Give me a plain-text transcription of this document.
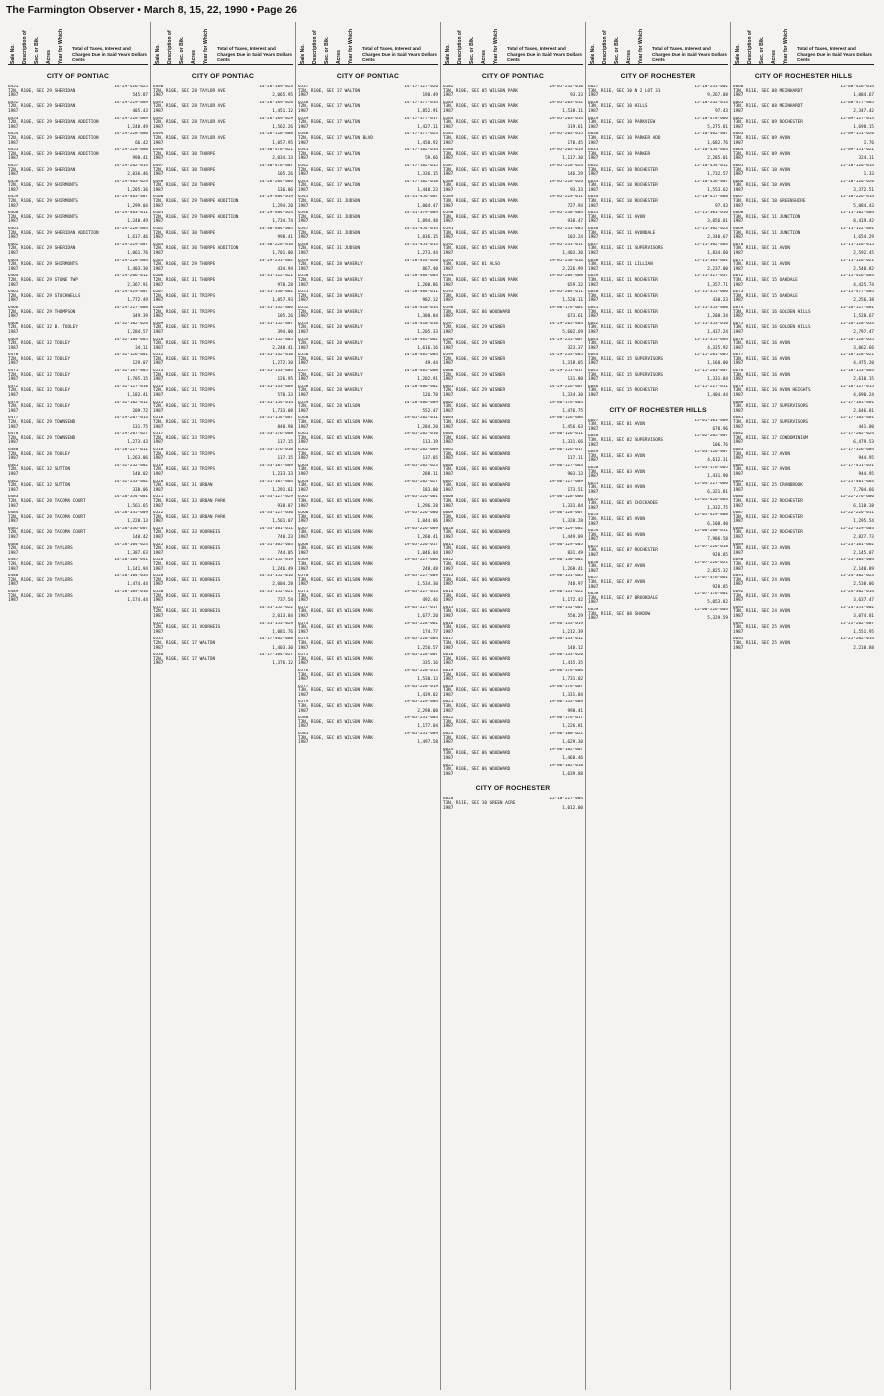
The Farmington Observer • March 8, 15, 22, 1990 • Page 26
Sale No.	Description of
Sec. or Blk.	Acres	Year for Which
Total of Taxes, Interest and Charges Due in Said Years Dollars Cents
CITY OF PONTIAC
6451	14-29-426-025
T2N, R10E, SEC 29 SHERIDAN
1987	545.87
6452	14-29-229-009
T2N, R10E, SEC 29 SHERIDAN
1987	405.43
6453	14-29-228-009
T2N, R10E, SEC 29 SHERIDAN ADDITION
1987	1,248.49
6454	14-29-228-006
T2N, R10E, SEC 29 SHERIDAN ADDITION
1987	66.42
6455	14-29-228-008
T2N, R10E, SEC 29 SHERIDAN ADDITION
1987	998.41
6457	14-29-202-013
T2N, R10E, SEC 29 SHERIDAN
1987	2,036.46
6458	14-29-483-029
T2N, R10E, SEC 29 SHIRMONTS
1987	1,205.36
6459	14-29-483-007
T2N, R10E, SEC 29 SHIRMONTS
1987	1,299.04
6460	14-29-483-011
T2N, R10E, SEC 29 SHIRMONTS
1987	1,248.49
6461	14-29-228-003
T2N, R10E, SEC 29 SHERIDAN ADDITION
1987	1,617.46
6462	14-29-229-007
T2N, R10E, SEC 29 SHERIDAN
1987	1,061.76
6463	14-29-228-004
T2N, R10E, SEC 29 SHIRMONTS
1987	1,403.30
6464	14-29-206-012
T2N, R10E, SEC 29 STONE TWP
1987	2,367.91
6465	14-29-429-007
T2N, R10E, SEC 29 STOCKWELLS
1987	1,772.49
6466	14-29-227-008
T2N, R10E, SEC 29 THOMPSON
1987	349.39
6468	14-32-102-026
T2N, R10E, SEC 32 B. TOOLEY
1987	1,284.57
6469	14-32-104-005
T2N, R10E, SEC 32 TOOLEY
1987	34.11
6470	14-32-126-001
T2N, R10E, SEC 32 TOOLEY
1987	129.07
6471	14-32-107-005
T2N, R10E, SEC 32 TOOLEY
1987	1,705.15
6472	14-32-127-018
T2N, R10E, SEC 32 TOOLEY
1987	1,182.41
6474	14-32-102-012
T2N, R10E, SEC 32 TOOLEY
1987	209.72
6477	14-29-207-013
T2N, R10E, SEC 29 TOWNSEND
1987	131.75
6478	14-29-207-027
T2N, R10E, SEC 29 TOWNSEND
1987	1,273.43
6480	14-28-227-011
T2N, R10E, SEC 28 TOOLEY
1987	1,263.06
6481	14-32-232-002
T2N, R10E, SEC 32 SUTTON
1987	140.02
6482	14-32-233-002
T2N, R10E, SEC 32 SUTTON
1987	338.06
6483	14-20-334-001
T2N, R10E, SEC 20 TACOMA COURT
1987	1,561.65
6484	14-20-335-009
T2N, R10E, SEC 20 TACOMA COURT
1987	1,228.13
6485	14-20-336-007
T2N, R10E, SEC 20 TACOMA COURT
1987	140.42
6486	14-28-104-023
T2N, R10E, SEC 28 TAYLORS
1987	1,387.63
6487	14-28-104-041
T2N, R10E, SEC 28 TAYLORS
1987	1,141.94
6488	14-28-104-034
T2N, R10E, SEC 28 TAYLORS
1987	1,474.44
6489	14-28-109-016
T2N, R10E, SEC 28 TAYLORS
1987	1,174.44
Sale No.	Description of
Sec. or Blk.	Acres	Year for Which
Total of Taxes, Interest and Charges Due in Said Years Dollars Cents
CITY OF PONTIAC
6490	14-28-109-023
T2N, R10E, SEC 28 TAYLOR AVE
1987	2,065.95
6491	14-28-109-020
T2N, R10E, SEC 28 TAYLOR AVE
1987	1,451.12
6492	14-28-109-029
T2N, R10E, SEC 28 TAYLOR AVE
1987	1,562.26
6494	14-28-110-008
T2N, R10E, SEC 28 TAYLOR AVE
1987	1,057.95
6496	14-30-478-021
T2N, R10E, SEC 30 THORPE
1987	2,034.13
6497	14-30-478-007
T2N, R10E, SEC 30 THORPE
1987	105.26
6498	14-28-204-006
T2N, R10E, SEC 28 THORPE
1987	136.86
6500	14-29-484-019
T2N, R10E, SEC 29 THORPE ADDITION
1987	1,294.20
6501	14-29-484-024
T2N, R10E, SEC 29 THORPE ADDITION
1987	1,734.74
6502	14-30-484-005
T2N, R10E, SEC 30 THORPE
1987	998.41
6503	14-30-228-016
T2N, R10E, SEC 30 THORPE ADDITION
1987	1,701.00
6505	14-29-231-002
T2N, R10E, SEC 29 THORPE
1987	434.94
6506	14-31-112-021
T2N, R10E, SEC 31 THORPE
1987	970.28
6507	14-31-130-002
T2N, R10E, SEC 31 TRIPPS
1987	1,057.93
6508	14-31-132-006
T2N, R10E, SEC 31 TRIPPS
1987	105.26
6509	14-31-152-007
T2N, R10E, SEC 31 TRIPPS
1987	394.00
6510	14-31-152-005
T2N, R10E, SEC 31 TRIPPS
1987	2,248.41
6512	14-31-132-010
T2N, R10E, SEC 31 TRIPPS
1987	1,272.30
6513	14-31-133-004
T2N, R10E, SEC 31 TRIPPS
1987	126.95
6514	14-31-133-009
T2N, R10E, SEC 31 TRIPPS
1987	570.33
6515	14-31-154-014
T2N, R10E, SEC 31 TRIPPS
1987	1,733.08
6516	14-31-154-007
T2N, R10E, SEC 31 TRIPPS
1987	840.98
6517	14-33-176-008
T2N, R10E, SEC 33 TRIPPS
1987	117.15
6518	14-33-176-010
T2N, R10E, SEC 33 TRIPPS
1987	117.15
6519	14-33-107-009
T2N, R10E, SEC 33 TRIPPS
1987	1,233.33
6520	14-31-107-004
T2N, R10E, SEC 31 URBAN
1987	1,291.61
6521	14-33-127-029
T2N, R10E, SEC 33 URBAN PARK
1987	938.87
6522	14-33-127-030
T2N, R10E, SEC 33 URBAN PARK
1987	1,561.07
6524	14-33-301-011
T2N, R10E, SEC 33 VOORHEIS
1987	740.23
6525	14-31-305-003
T2N, R10E, SEC 31 VOORHEIS
1987	744.05
6526	14-31-152-019
T2N, R10E, SEC 31 VOORHEIS
1987	1,246.49
6528	14-31-152-016
T2N, R10E, SEC 31 VOORHEIS
1987	2,004.28
6530	14-31-152-021
T2N, R10E, SEC 31 VOORHEIS
1987	737.54
6531	14-31-152-022
T2N, R10E, SEC 31 VOORHEIS
1987	2,013.84
6533	14-31-153-029
T2N, R10E, SEC 31 VOORHEIS
1987	1,081.76
6535	14-17-402-008
T2N, R10E, SEC 17 WALTON
1987	1,403.30
6536	14-17-104-027
T2N, R10E, SEC 17 WALTON
1987	1,376.12
Sale No.	Description of
Sec. or Blk.	Acres	Year for Which
Total of Taxes, Interest and Charges Due in Said Years Dollars Cents
CITY OF PONTIAC
6537	14-17-127-026
T2N, R10E, SEC 17 WALTON
1987	198.49
6538	14-17-377-014
T2N, R10E, SEC 17 WALTON
1987	1,852.91
6539	14-17-377-017
T2N, R10E, SEC 17 WALTON
1987	1,427.11
6540	14-17-377-023
T2N, R10E, SEC 17 WALTON BLVD
1987	1,450.92
6541	14-17-102-014
T2N, R10E, SEC 17 WALTON
1987	59.66
6542	14-17-102-015
T2N, R10E, SEC 17 WALTON
1987	1,336.15
6543	14-17-102-018
T2N, R10E, SEC 17 WALTON
1987	1,448.23
6545	14-31-456-007
T2N, R10E, SEC 31 JUDSON
1987	1,004.47
6546	14-31-379-009
T2N, R10E, SEC 31 JUDSON
1987	1,094.48
6547	14-31-454-014
T2N, R10E, SEC 31 JUDSON
1987	1,036.15
6548	14-31-453-013
T2N, R10E, SEC 31 JUDSON
1987	1,273.44
6549	14-28-414-020
T2N, R10E, SEC 28 WAVERLY
1987	867.40
6550	14-28-404-003
T2N, R10E, SEC 28 WAVERLY
1987	1,200.86
6551	14-28-404-011
T2N, R10E, SEC 28 WAVERLY
1987	982.12
6552	14-28-410-014
T2N, R10E, SEC 28 WAVERLY
1987	1,308.04
6553	14-28-410-010
T2N, R10E, SEC 28 WAVERLY
1987	1,205.33
6554	14-28-405-002
T2N, R10E, SEC 28 WAVERLY
1987	1,616.16
6556	14-28-405-004
T2N, R10E, SEC 28 WAVERLY
1987	49.44
6557	14-28-405-008
T2N, R10E, SEC 28 WAVERLY
1987	1,202.91
6558	14-28-406-002
T2N, R10E, SEC 28 WAVERLY
1987	126.70
6559	14-28-406-009
T2N, R10E, SEC 28 WILSON
1987	552.47
6560	19-05-202-011
T3N, R10E, SEC 05 WILSON PARK
1987	1,284.20
6561	19-05-202-010
T3N, R10E, SEC 05 WILSON PARK
1987	113.19
6562	19-05-202-009
T3N, R10E, SEC 05 WILSON PARK
1987	137.05
6563	19-05-202-023
T3N, R10E, SEC 05 WILSON PARK
1987	288.11
6564	19-05-202-027
T3N, R10E, SEC 05 WILSON PARK
1987	183.00
6565	19-05-226-001
T3N, R10E, SEC 05 WILSON PARK
1987	1,296.28
6566	19-05-226-006
T3N, R10E, SEC 05 WILSON PARK
1987	1,044.06
6567	19-05-226-009
T3N, R10E, SEC 05 WILSON PARK
1987	1,260.41
6568	19-05-226-017
T3N, R10E, SEC 05 WILSON PARK
1987	1,046.04
6569	19-05-227-006
T3N, R10E, SEC 05 WILSON PARK
1987	248.48
6570	19-05-227-009
T3N, R10E, SEC 05 WILSON PARK
1987	1,534.30
6571	19-05-227-013
T3N, R10E, SEC 05 WILSON PARK
1987	492.46
6572	19-05-227-017
T3N, R10E, SEC 05 WILSON PARK
1987	1,677.20
6573	19-05-228-001
T3N, R10E, SEC 05 WILSON PARK
1987	174.77
6574	19-05-228-004
T3N, R10E, SEC 05 WILSON PARK
1987	1,256.57
6575	19-05-228-007
T3N, R10E, SEC 05 WILSON PARK
1987	335.16
6576	19-05-228-013
T3N, R10E, SEC 05 WILSON PARK
1987	1,530.13
6577	19-05-228-019
T3N, R10E, SEC 05 WILSON PARK
1987	1,439.02
6579	19-05-229-004
T3N, R10E, SEC 05 WILSON PARK
1987	2,298.00
6580	19-05-231-003
T3N, R10E, SEC 05 WILSON PARK
1987	1,177.04
6581	19-05-231-009
T3N, R10E, SEC 05 WILSON PARK
1987	1,497.58
Sale No.	Description of
Sec. or Blk.	Acres	Year for Which
Total of Taxes, Interest and Charges Due in Said Years Dollars Cents
CITY OF PONTIAC
6582	19-05-232-010
T3N, R10E, SEC 05 WILSON PARK
1987	93.33
6583	19-05-203-012
T3N, R10E, SEC 05 WILSON PARK
1987	1,538.11
6584	19-05-203-014
T3N, R10E, SEC 05 WILSON PARK
1987	319.61
6585	19-05-203-015
T3N, R10E, SEC 05 WILSON PARK
1987	170.45
6586	19-05-203-019
T3N, R10E, SEC 05 WILSON PARK
1987	1,117.30
6587	19-05-228-024
T3N, R10E, SEC 05 WILSON PARK
1987	146.29
6588	19-05-228-026
T3N, R10E, SEC 05 WILSON PARK
1987	93.33
6589	19-05-229-011
T3N, R10E, SEC 05 WILSON PARK
1987	727.94
6590	19-05-230-004
T3N, R10E, SEC 05 WILSON PARK
1987	938.47
6591	19-05-231-005
T3N, R10E, SEC 05 WILSON PARK
1987	103.24
6592	19-05-231-011
T3N, R10E, SEC 05 WILSON PARK
1987	1,403.30
6593	19-01-230-016
T3N, R10E, SEC 01 ALSO
1987	2,226.99
6594	19-05-204-008
T3N, R10E, SEC 05 WILSON PARK
1987	659.32
6595	19-05-204-011
T3N, R10E, SEC 05 WILSON PARK
1987	1,520.11
6596	19-06-176-001
T3N, R10E, SEC 06 WOODWARD
1987	673.61
6597	14-29-205-003
T2N, R10E, SEC 29 WISNER
1987	5,602.69
6598	14-29-231-007
T2N, R10E, SEC 29 WISNER
1987	323.37
6599	14-29-233-005
T2N, R10E, SEC 29 WISNER
1987	1,318.05
6600	14-29-251-017
T2N, R10E, SEC 29 WISNER
1987	131.80
6601	14-29-226-007
T2N, R10E, SEC 29 WISNER
1987	1,334.30
6602	19-06-176-003
T3N, R10E, SEC 06 WOODWARD
1987	1,476.75
6603	19-06-126-006
T3N, R10E, SEC 06 WOODWARD
1987	1,456.63
6604	19-06-126-011
T3N, R10E, SEC 06 WOODWARD
1987	1,331.66
6605	19-06-126-017
T3N, R10E, SEC 06 WOODWARD
1987	117.11
6606	19-06-127-003
T3N, R10E, SEC 06 WOODWARD
1987	903.13
6607	19-06-127-009
T3N, R10E, SEC 06 WOODWARD
1987	173.51
6608	19-06-128-006
T3N, R10E, SEC 06 WOODWARD
1987	1,331.84
6609	19-06-128-007
T3N, R10E, SEC 06 WOODWARD
1987	1,320.28
6610	19-06-129-002
T3N, R10E, SEC 06 WOODWARD
1987	1,449.09
6611	19-06-129-005
T3N, R10E, SEC 06 WOODWARD
1987	831.49
6612	19-06-130-002
T3N, R10E, SEC 06 WOODWARD
1987	1,260.41
6613	19-06-131-005
T3N, R10E, SEC 06 WOODWARD
1987	748.97
6614	19-06-131-022
T3N, R10E, SEC 06 WOODWARD
1987	1,172.42
6615	19-06-132-001
T3N, R10E, SEC 06 WOODWARD
1987	550.29
6616	19-06-133-019
T3N, R10E, SEC 06 WOODWARD
1987	1,212.39
6617	19-06-133-012
T3N, R10E, SEC 06 WOODWARD
1987	148.12
6618	19-06-133-020
T3N, R10E, SEC 06 WOODWARD
1987	1,415.35
6619	19-06-176-006
T3N, R10E, SEC 06 WOODWARD
1987	1,731.02
6620	19-06-176-007
T3N, R10E, SEC 06 WOODWARD
1987	1,331.84
6621	19-06-133-009
T3N, R10E, SEC 06 WOODWARD
1987	998.41
6622	19-06-176-017
T3N, R10E, SEC 06 WOODWARD
1987	1,226.81
6623	19-06-180-022
T3N, R10E, SEC 06 WOODWARD
1987	1,629.30
6624	19-06-182-007
T3N, R10E, SEC 06 WOODWARD
1987	1,460.46
6625	19-06-182-018
T3N, R10E, SEC 06 WOODWARD
1987	1,639.88
CITY OF ROCHESTER
6626	15-10-227-004
T3N, R11E, SEC 10 GREEN ACRE
1987	1,012.00
Sale No.	Description of
Sec. or Blk.	Acres	Year for Which
Total of Taxes, Interest and Charges Due in Said Years Dollars Cents
CITY OF ROCHESTER
6627	15-10-231-002
T3N, R11E, SEC 10 N 2 LOT 31
1987	9,267.08
6628	15-10-232-013
T3N, R11E, SEC 10 HILLS
1987	97.43
6629	15-10-478-006
T3N, R11E, SEC 10 PARKVIEW
1987	5,275.81
6630	15-10-402-007
T3N, R11E, SEC 10 PARKER ADD
1987	1,682.76
6631	15-10-454-003
T3N, R11E, SEC 10 PARKER
1987	2,285.01
6632	15-10-454-012
T3N, R11E, SEC 10 ROCHESTER
1987	1,732.57
6633	15-10-456-007
T3N, R11E, SEC 10 ROCHESTER
1987	1,553.62
6634	15-10-457-008
T3N, R11E, SEC 10 ROCHESTER
1987	97.43
6635	15-11-301-016
T3N, R11E, SEC 11 AVON
1987	3,056.01
6636	15-11-302-023
T3N, R11E, SEC 11 AVONDALE
1987	2,340.67
6637	15-11-302-003
T3N, R11E, SEC 11 SUPERVISORS
1987	1,834.60
6638	15-11-303-001
T3N, R11E, SEC 11 LILLIAN
1987	2,237.00
6639	15-11-327-037
T3N, R11E, SEC 11 ROCHESTER
1987	1,357.71
6640	15-11-351-006
T3N, R11E, SEC 11 ROCHESTER
1987	430.23
6641	15-11-353-008
T3N, R11E, SEC 11 ROCHESTER
1987	1,288.34
6642	15-11-353-010
T3N, R11E, SEC 11 ROCHESTER
1987	1,437.24
6643	15-11-355-004
T3N, R11E, SEC 11 ROCHESTER
1987	4,325.92
6644	15-15-201-005
T3N, R11E, SEC 15 SUPERVISORS
1987	1,160.00
6645	15-15-203-007
T3N, R11E, SEC 15 SUPERVISORS
1987	1,331.84
6646	15-15-227-011
T3N, R11E, SEC 15 ROCHESTER
1987	1,404.44
CITY OF ROCHESTER HILLS
6647	15-01-101-009
T3N, R11E, SEC 01 AVON
1987	670.96
6648	15-02-205-007
T3N, R11E, SEC 02 SUPERVISORS
1987	106.76
6649	15-03-126-007
T3N, R11E, SEC 03 AVON
1987	4,612.31
6650	15-03-176-005
T3N, R11E, SEC 03 AVON
1987	1,431.90
6651	15-04-227-006
T3N, R11E, SEC 04 AVON
1987	6,321.81
6652	15-05-426-003
T3N, R11E, SEC 05 CHICKADEE
1987	1,332.75
6653	15-05-429-008
T3N, R11E, SEC 05 AVON
1987	6,108.40
6654	15-06-200-011
T3N, R11E, SEC 06 AVON
1987	7,906.58
6655	15-07-226-018
T3N, R11E, SEC 07 ROCHESTER
1987	928.85
6656	15-07-226-021
T3N, R11E, SEC 07 AVON
1987	2,825.32
6657	15-07-376-001
T3N, R11E, SEC 07 AVON
1987	928.85
6658	15-07-176-001
T3N, R11E, SEC 07 BROOKDALE
1987	5,053.82
6659	15-08-226-003
T3N, R11E, SEC 08 SHADOW
1987	5,329.59
Sale No.	Description of
Sec. or Blk.	Acres	Year for Which
Total of Taxes, Interest and Charges Due in Said Years Dollars Cents
CITY OF ROCHESTER HILLS
6660	15-08-426-014
T3N, R11E, SEC 08 MEINHARDT
1987	1,084.67
6661	15-08-477-005
T3N, R11E, SEC 08 MEINHARDT
1987	2,347.42
6662	15-09-127-013
T3N, R11E, SEC 09 ROCHESTER
1987	1,698.15
6663	15-09-151-020
T3N, R11E, SEC 09 AVON
1987	1.76
6664	15-09-151-021
T3N, R11E, SEC 09 AVON
1987	324.11
6665	15-10-126-014
T3N, R11E, SEC 10 AVON
1987	1.33
6666	15-10-126-020
T3N, R11E, SEC 10 AVON
1987	3,372.51
6667	15-10-226-014
T3N, R11E, SEC 10 GREENSHIRE
1987	5,084.43
6668	15-11-102-004
T3N, R11E, SEC 11 JUNCTION
1987	8,419.42
6669	15-11-122-001
T3N, R11E, SEC 11 JUNCTION
1987	1,654.29
6670	15-11-126-015
T3N, R11E, SEC 11 AVON
1987	2,592.45
6671	15-11-126-021
T3N, R11E, SEC 11 AVON
1987	2,540.82
6672	15-15-426-003
T3N, R11E, SEC 15 OAKDALE
1987	4,425.74
6673	15-15-477-005
T3N, R11E, SEC 15 OAKDALE
1987	2,256.38
6674	15-16-127-001
T3N, R11E, SEC 16 GOLDEN HILLS
1987	1,528.67
6675	15-16-128-033
T3N, R11E, SEC 16 GOLDEN HILLS
1987	2,797.47
6676	15-16-128-035
T3N, R11E, SEC 16 AVON
1987	3,862.66
6677	15-16-128-021
T3N, R11E, SEC 16 AVON
1987	4,475.20
6678	15-16-153-003
T3N, R11E, SEC 16 AVON
1987	2,610.15
6679	15-16-127-015
T3N, R11E, SEC 16 AVON HEIGHTS
1987	4,690.24
6680	15-17-101-001
T3N, R11E, SEC 17 SUPERVISORS
1987	2,646.81
6681	15-17-103-001
T3N, R11E, SEC 17 SUPERVISORS
1987	441.00
6682	15-17-202-024
T3N, R11E, SEC 17 CONDOMINIUM
1987	6,479.53
6683	15-17-326-004
T3N, R11E, SEC 17 AVON
1987	944.95
6684	15-17-451-031
T3N, R11E, SEC 17 AVON
1987	944.95
6685	15-25-401-003
T3N, R11E, SEC 25 CRANBROOK
1987	7,704.66
6686	15-22-276-006
T3N, R11E, SEC 22 ROCHESTER
1987	6,110.38
6687	15-22-226-011
T3N, R11E, SEC 22 ROCHESTER
1987	1,295.54
6688	15-22-329-003
T3N, R11E, SEC 22 ROCHESTER
1987	2,827.73
6689	15-23-101-002
T3N, R11E, SEC 23 AVON
1987	2,145.07
6690	15-23-303-004
T3N, R11E, SEC 23 AVON
1987	2,140.89
6691	15-24-302-023
T3N, R11E, SEC 24 AVON
1987	2,538.06
6692	15-24-302-014
T3N, R11E, SEC 24 AVON
1987	3,637.47
6693	15-24-351-002
T3N, R11E, SEC 24 AVON
1987	3,074.81
6694	15-25-202-007
T3N, R11E, SEC 25 AVON
1987	1,551.95
6695	15-25-202-014
T3N, R11E, SEC 25 AVON
1987	2,210.88
